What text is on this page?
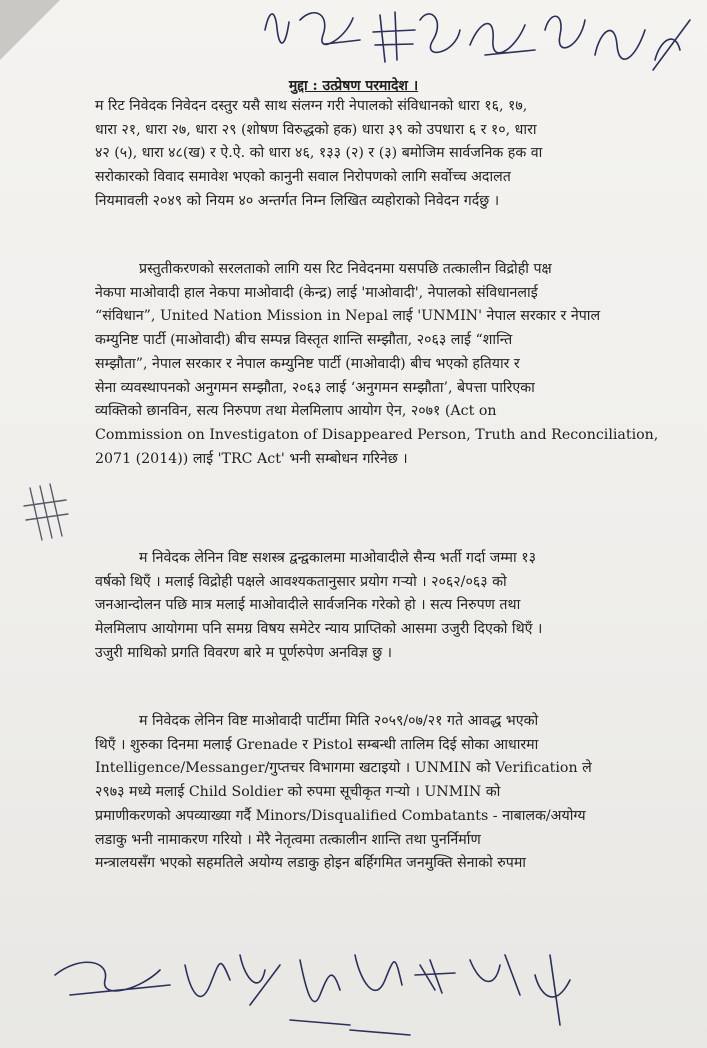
मुद्दा : उत्प्रेषण परमादेश ।
म रिट निवेदक निवेदन दस्तुर यसै साथ संलग्न गरी नेपालको संविधानको धारा १६, १७,
धारा २१, धारा २७, धारा २९ (शोषण विरुद्धको हक) धारा ३९ को उपधारा ६ र १०, धारा
४२ (५), धारा ४८(ख) र ऐ.ऐ. को धारा ४६, १३३ (२) र (३) बमोजिम सार्वजनिक हक वा
सरोकारको विवाद समावेश भएको कानुनी सवाल निरोपणको लागि सर्वोच्च अदालत
नियमावली २०४९ को नियम ४० अन्तर्गत निम्न लिखित व्यहोराको निवेदन गर्दछु ।
प्रस्तुतीकरणको सरलताको लागि यस रिट निवेदनमा यसपछि तत्कालीन विद्रोही पक्ष
नेकपा माओवादी हाल नेकपा माओवादी (केन्द्र) लाई 'माओवादी', नेपालको संविधानलाई
“संविधान”, United Nation Mission in Nepal लाई 'UNMIN' नेपाल सरकार र नेपाल
कम्युनिष्ट पार्टी (माओवादी) बीच सम्पन्न विस्तृत शान्ति सम्झौता, २०६३ लाई “शान्ति
सम्झौता”, नेपाल सरकार र नेपाल कम्युनिष्ट पार्टी (माओवादी) बीच भएको हतियार र
सेना व्यवस्थापनको अनुगमन सम्झौता, २०६३ लाई ‘अनुगमन सम्झौता’, बेपत्ता पारिएका
व्यक्तिको छानविन, सत्य निरुपण तथा मेलमिलाप आयोग ऐन, २०७१ (Act on
Commission on Investigaton of Disappeared Person, Truth and Reconciliation,
2071 (2014)) लाई 'TRC Act' भनी सम्बोधन गरिनेछ ।
म निवेदक लेनिन विष्ट सशस्त्र द्वन्द्वकालमा माओवादीले सैन्य भर्ती गर्दा जम्मा १३
वर्षको थिएँ । मलाई विद्रोही पक्षले आवश्यकतानुसार प्रयोग गर्‍यो । २०६२/०६३ को
जनआन्दोलन पछि मात्र मलाई माओवादीले सार्वजनिक गरेको हो । सत्य निरुपण तथा
मेलमिलाप आयोगमा पनि समग्र विषय समेटेर न्याय प्राप्तिको आसमा उजुरी दिएको थिएँ ।
उजुरी माथिको प्रगति विवरण बारे म पूर्णरुपेण अनविज्ञ छु ।
म निवेदक लेनिन विष्ट माओवादी पार्टीमा मिति २०५९/०७/२१ गते आवद्ध भएको
थिएँ । शुरुका दिनमा मलाई Grenade र Pistol सम्बन्धी तालिम दिई सोका आधारमा
Intelligence/Messanger/गुप्तचर विभागमा खटाइयो । UNMIN को Verification ले
२९७३ मध्ये मलाई Child Soldier को रुपमा सूचीकृत गर्‍यो । UNMIN को
प्रमाणीकरणको अपव्याख्या गर्दै Minors/Disqualified Combatants - नाबालक/अयोग्य
लडाकु भनी नामाकरण गरियो । मेरै नेतृत्वमा तत्कालीन शान्ति तथा पुनर्निर्माण
मन्त्रालयसँग भएको सहमतिले अयोग्य लडाकु होइन बर्हिगमित जनमुक्ति सेनाको रुपमा
